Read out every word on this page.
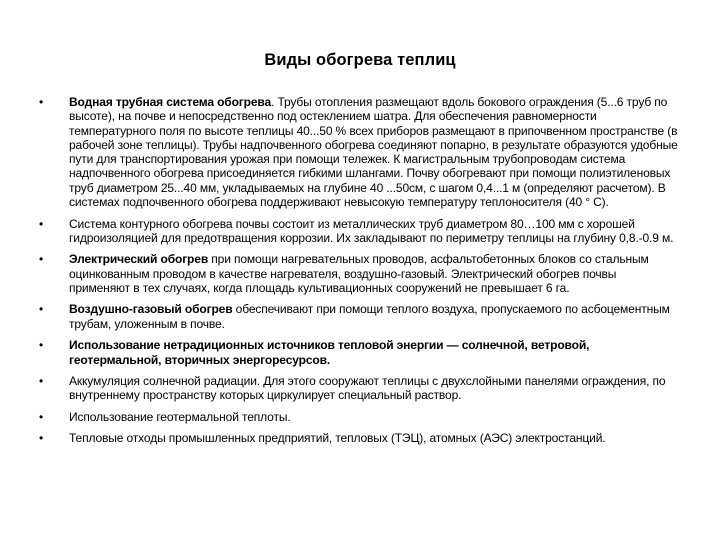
Виды обогрева теплиц
• Водная трубная система обогрева. Трубы отопления размещают вдоль бокового ограждения (5...6 труб по высоте), на почве и непосредственно под остеклением шатра. Для обеспечения равномерности температурного поля по высоте теплицы 40...50 % всех приборов размещают в припочвенном пространстве (в рабочей зоне теплицы). Трубы надпочвенного обогрева соединяют попарно, в результате образуются удобные пути для транспортирования урожая при помощи тележек. К магистральным трубопроводам система надпочвенного обогрева присоединяется гибкими шлангами. Почву обогревают при помощи полиэтиленовых труб диаметром 25...40 мм, укладываемых на глубине 40 ...50см, с шагом 0,4...1 м (определяют расчетом). В системах подпочвенного обогрева поддерживают невысокую температуру теплоносителя (40 ° С).
• Система контурного обогрева почвы состоит из металлических труб диаметром 80…100 мм с хорошей гидроизоляцией для предотвращения коррозии. Их закладывают по периметру теплицы на глубину 0,8.-0.9 м.
• Электрический обогрев при помощи нагревательных проводов, асфальтобетонных блоков со стальным оцинкованным проводом в качестве нагревателя, воздушно-газовый. Электрический обогрев почвы применяют в тех случаях, когда площадь культивационных сооружений не превышает 6 га.
• Воздушно-газовый обогрев обеспечивают при помощи теплого воздуха, пропускаемого по асбоцементным трубам, уложенным в почве.
• Использование нетрадиционных источников тепловой энергии — солнечной, ветровой, геотермальной, вторичных энергоресурсов.
• Аккумуляция солнечной радиации. Для этого сооружают теплицы с двухслойными панелями ограждения, по внутреннему пространству которых циркулирует специальный раствор.
• Использование геотермальной теплоты.
• Тепловые отходы промышленных предприятий, тепловых (ТЭЦ), атомных (АЭС) электростанций.
